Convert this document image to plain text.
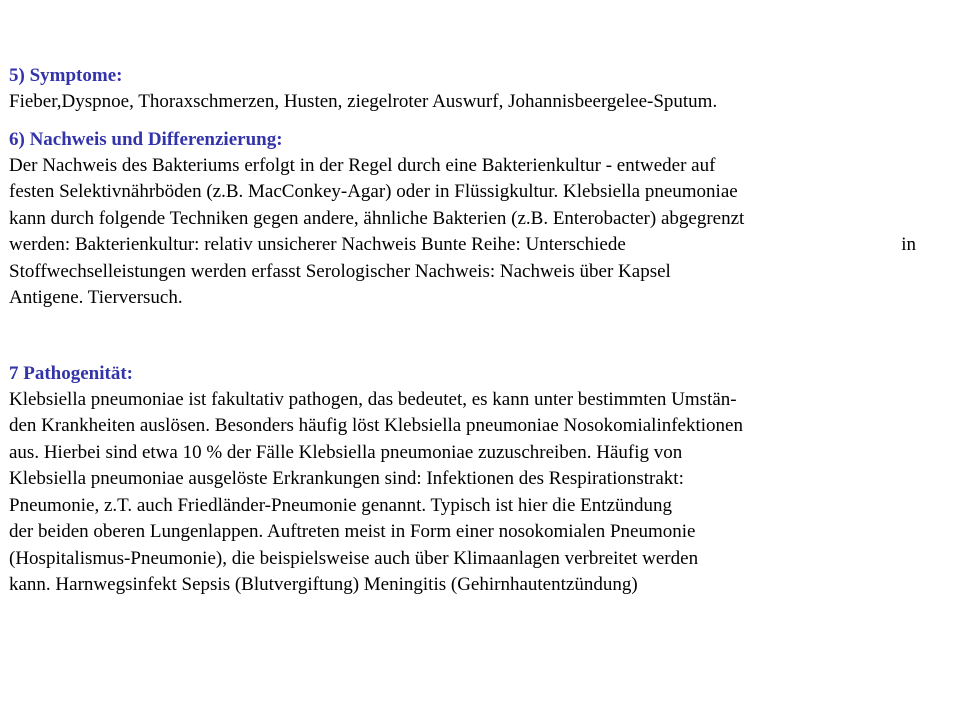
5) Symptome:
Fieber,Dyspnoe, Thoraxschmerzen, Husten, ziegelroter Auswurf, Johannisbeergelee-Sputum.
6) Nachweis und Differenzierung:
Der Nachweis des Bakteriums erfolgt in der Regel durch eine Bakterienkultur - entweder auf
festen Selektivnährböden (z.B. MacConkey-Agar) oder in Flüssigkultur. Klebsiella pneumoniae
kann durch folgende Techniken gegen andere, ähnliche Bakterien (z.B. Enterobacter) abgegrenzt
werden: Bakterienkultur: relativ unsicherer Nachweis Bunte Reihe: Unterschiede	in
Stoffwechselleistungen werden erfasst Serologischer Nachweis: Nachweis über Kapsel
Antigene. Tierversuch.
7 Pathogenität:
Klebsiella pneumoniae ist fakultativ pathogen, das bedeutet, es kann unter bestimmten Umstän-
den Krankheiten auslösen. Besonders häufig löst Klebsiella pneumoniae Nosokomialinfektionen
aus. Hierbei sind etwa 10 % der Fälle Klebsiella pneumoniae zuzuschreiben. Häufig von
Klebsiella pneumoniae ausgelöste Erkrankungen sind: Infektionen des Respirationstrakt:
Pneumonie, z.T. auch Friedländer-Pneumonie genannt. Typisch ist hier die Entzündung
der beiden oberen Lungenlappen. Auftreten meist in Form einer nosokomialen Pneumonie
(Hospitalismus-Pneumonie), die beispielsweise auch über Klimaanlagen verbreitet werden
kann. Harnwegsinfekt Sepsis (Blutvergiftung) Meningitis (Gehirnhautentzündung)
